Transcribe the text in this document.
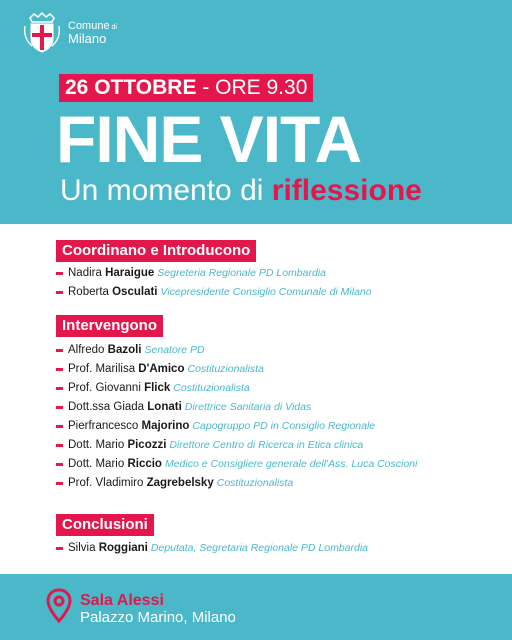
Comune di
Milano
26 OTTOBRE - ORE 9.30
FINE VITA
Un momento di riflessione
Coordinano e Introducono
Nadira Haraigue Segreteria Regionale PD Lombardia
Roberta Osculati Vicepresidente Consiglio Comunale di Milano
Intervengono
Alfredo Bazoli Senatore PD
Prof. Marilisa D'Amico Costituzionalista
Prof. Giovanni Flick Costituzionalista
Dott.ssa Giada Lonati Direttrice Sanitaria di Vidas
Pierfrancesco Majorino Capogruppo PD in Consiglio Regionale
Dott. Mario Picozzi Direttore Centro di Ricerca in Etica clinica
Dott. Mario Riccio Medico e Consigliere generale dell'Ass. Luca Coscioni
Prof. Vladimiro Zagrebelsky Costituzionalista
Conclusioni
Silvia Roggiani Deputata, Segretaria Regionale PD Lombardia
Sala Alessi
Palazzo Marino, Milano
